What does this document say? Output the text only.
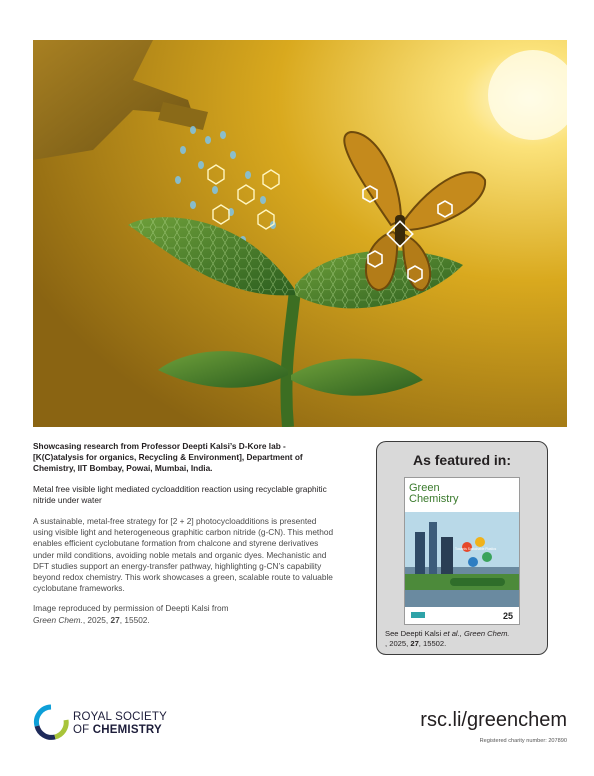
Showcasing research from Professor Deepti Kalsi’s D-Kore lab - [K(C)atalysis for organics, Recycling & Environment], Department of Chemistry, IIT Bombay, Powai, Mumbai, India.

Metal free visible light mediated cycloaddition reaction using recyclable graphitic nitride under water

A sustainable, metal-free strategy for [2 + 2] photocycloadditions is presented using visible light and heterogeneous graphitic carbon nitride (g-CN). This method enables efficient cyclobutane formation from chalcone and styrene derivatives under mild conditions, avoiding noble metals and organic dyes. Mechanistic and DFT studies support an energy-transfer pathway, highlighting g-CN’s capability beyond redox chemistry. This work showcases a green, scalable route to valuable cyclobutane frameworks.

Image reproduced by permission of Deepti Kalsi from
Green Chem., 2025, 27, 15502.

As featured in:
Green
Chemistry
Towards Sustainable Plastics
25
See Deepti Kalsi et al., Green Chem.
, 2025, 27, 15502.
ROYAL SOCIETY
OF CHEMISTRY	rsc.li/greenchem
Registered charity number: 207890
